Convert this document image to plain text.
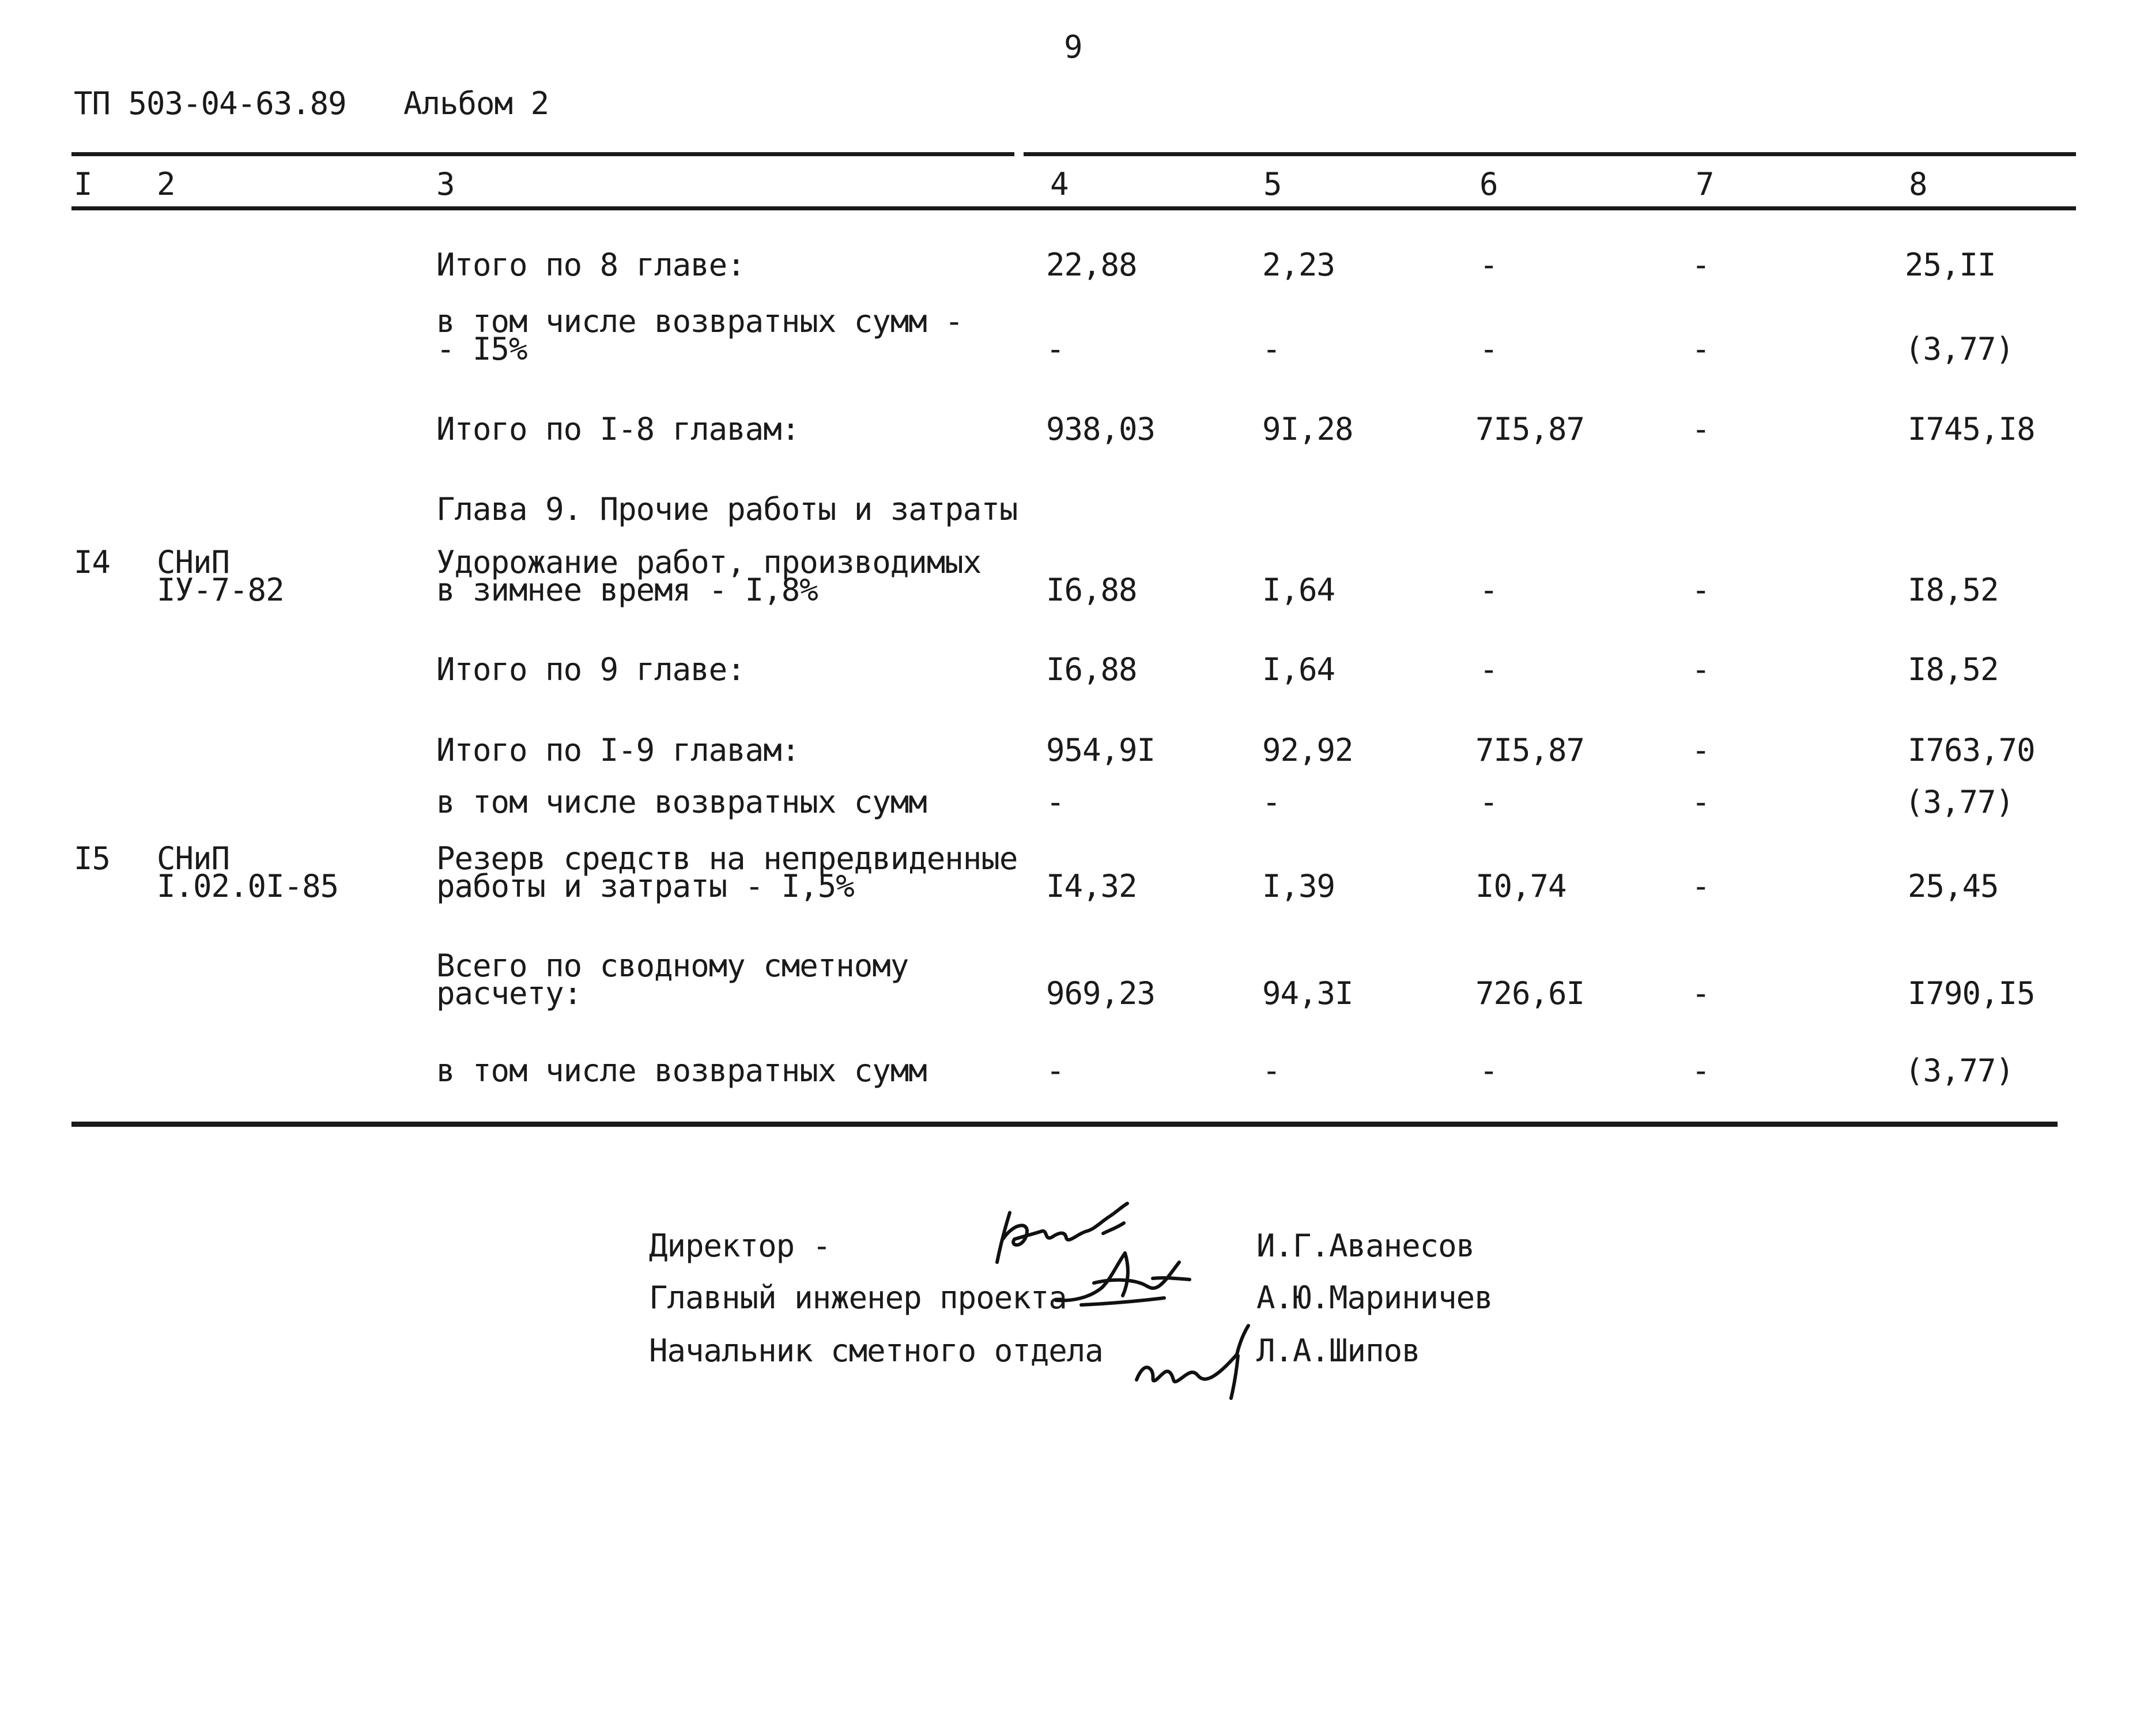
9
ТП 503-04-63.89 Альбом 2
I 2	3	4	5	6	7	8
Итого по 8 главе:	22,88	2,23	-	-	25,II
в том числе возвратных сумм -
- I5%	-	-	-	-	(3,77)
Итого по I-8 главам:	938,03	9I,28	7I5,87	-	I745,I8
Глава 9. Прочие работы и затраты
I4 СНиП
IУ-7-82
Удорожание работ, производимых
в зимнее время - I,8%	I6,88	I,64	-	-	I8,52
Итого по 9 главе:	I6,88	I,64	-	-	I8,52
Итого по I-9 главам:	954,9I	92,92	7I5,87	-	I763,70
в том числе возвратных сумм	-	-	-	-	(3,77)
I5 СНиП
I.02.0I-85
Резерв средств на непредвиденные
работы и затраты - I,5%	I4,32	I,39	I0,74	-	25,45
Всего по сводному сметному
расчету:	969,23	94,3I	726,6I	-	I790,I5
в том числе возвратных сумм	-	-	-	-	(3,77)
Директор -	И.Г.Аванесов
Главный инженер проекта	А.Ю.Мариничев
Начальник сметного отдела	Л.А.Шипов
